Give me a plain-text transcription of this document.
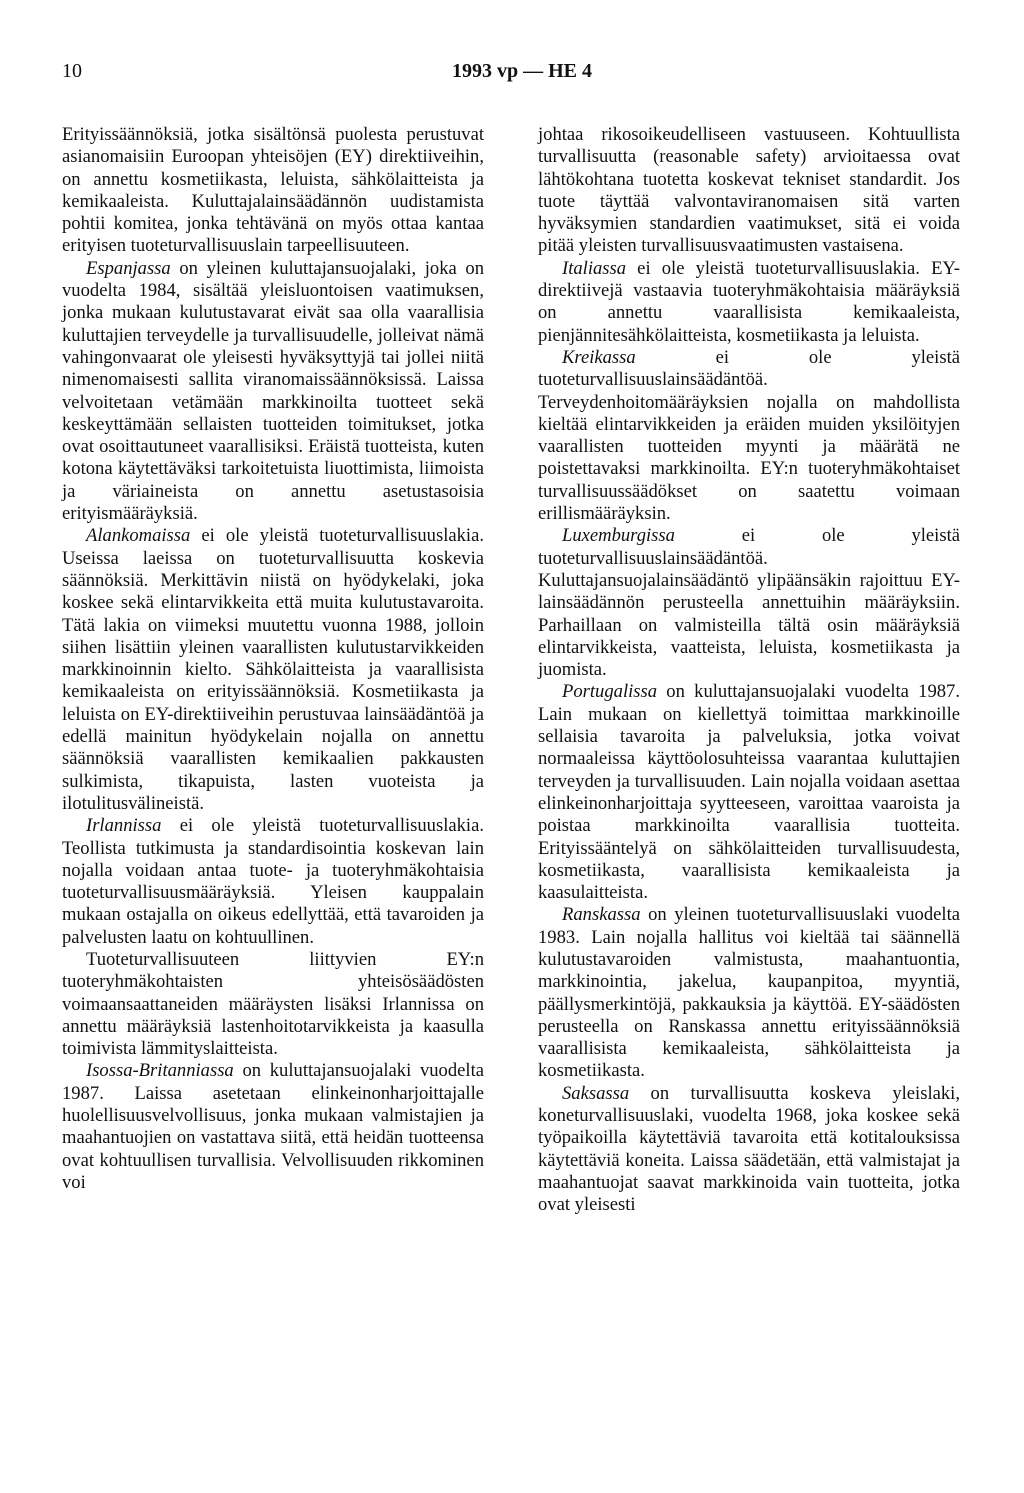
10	1993 vp — HE 4

Erityissäännöksiä, jotka sisältönsä puolesta perustuvat asianomaisiin Euroopan yhteisöjen (EY) direktiiveihin, on annettu kosmetiikasta, leluista, sähkölaitteista ja kemikaaleista. Kuluttajalainsäädännön uudistamista pohtii komitea, jonka tehtävänä on myös ottaa kantaa erityisen tuoteturvallisuuslain tarpeellisuuteen.

Espanjassa on yleinen kuluttajansuojalaki, joka on vuodelta 1984, sisältää yleisluontoisen vaatimuksen, jonka mukaan kulutustavarat eivät saa olla vaarallisia kuluttajien terveydelle ja turvallisuudelle, jolleivat nämä vahingonvaarat ole yleisesti hyväksyttyjä tai jollei niitä nimenomaisesti sallita viranomaissäännöksissä. Laissa velvoitetaan vetämään markkinoilta tuotteet sekä keskeyttämään sellaisten tuotteiden toimitukset, jotka ovat osoittautuneet vaarallisiksi. Eräistä tuotteista, kuten kotona käytettäväksi tarkoitetuista liuottimista, liimoista ja väriaineista on annettu asetustasoisia erityismääräyksiä.

Alankomaissa ei ole yleistä tuoteturvallisuuslakia. Useissa laeissa on tuoteturvallisuutta koskevia säännöksiä. Merkittävin niistä on hyödykelaki, joka koskee sekä elintarvikkeita että muita kulutustavaroita. Tätä lakia on viimeksi muutettu vuonna 1988, jolloin siihen lisättiin yleinen vaarallisten kulutustarvikkeiden markkinoinnin kielto. Sähkölaitteista ja vaarallisista kemikaaleista on erityissäännöksiä. Kosmetiikasta ja leluista on EY-direktiiveihin perustuvaa lainsäädäntöä ja edellä mainitun hyödykelain nojalla on annettu säännöksiä vaarallisten kemikaalien pakkausten sulkimista, tikapuista, lasten vuoteista ja ilotulitusvälineistä.

Irlannissa ei ole yleistä tuoteturvallisuuslakia. Teollista tutkimusta ja standardisointia koskevan lain nojalla voidaan antaa tuote- ja tuoteryhmäkohtaisia tuoteturvallisuusmääräyksiä. Yleisen kauppalain mukaan ostajalla on oikeus edellyttää, että tavaroiden ja palvelusten laatu on kohtuullinen.

Tuoteturvallisuuteen liittyvien EY:n tuoteryhmäkohtaisten yhteisösäädösten voimaansaattaneiden määräysten lisäksi Irlannissa on annettu määräyksiä lastenhoitotarvikkeista ja kaasulla toimivista lämmityslaitteista.

Isossa-Britanniassa on kuluttajansuojalaki vuodelta 1987. Laissa asetetaan elinkeinonharjoittajalle huolellisuusvelvollisuus, jonka mukaan valmistajien ja maahantuojien on vastattava siitä, että heidän tuotteensa ovat kohtuullisen turvallisia. Velvollisuuden rikkominen voi

johtaa rikosoikeudelliseen vastuuseen. Kohtuullista turvallisuutta (reasonable safety) arvioitaessa ovat lähtökohtana tuotetta koskevat tekniset standardit. Jos tuote täyttää valvontaviranomaisen sitä varten hyväksymien standardien vaatimukset, sitä ei voida pitää yleisten turvallisuusvaatimusten vastaisena.

Italiassa ei ole yleistä tuoteturvallisuuslakia. EY-direktiivejä vastaavia tuoteryhmäkohtaisia määräyksiä on annettu vaarallisista kemikaaleista, pienjännitesähkölaitteista, kosmetiikasta ja leluista.

Kreikassa ei ole yleistä tuoteturvallisuuslainsäädäntöä. Terveydenhoitomääräyksien nojalla on mahdollista kieltää elintarvikkeiden ja eräiden muiden yksilöityjen vaarallisten tuotteiden myynti ja määrätä ne poistettavaksi markkinoilta. EY:n tuoteryhmäkohtaiset turvallisuussäädökset on saatettu voimaan erillismääräyksin.

Luxemburgissa ei ole yleistä tuoteturvallisuuslainsäädäntöä. Kuluttajansuojalainsäädäntö ylipäänsäkin rajoittuu EY-lainsäädännön perusteella annettuihin määräyksiin. Parhaillaan on valmisteilla tältä osin määräyksiä elintarvikkeista, vaatteista, leluista, kosmetiikasta ja juomista.

Portugalissa on kuluttajansuojalaki vuodelta 1987. Lain mukaan on kiellettyä toimittaa markkinoille sellaisia tavaroita ja palveluksia, jotka voivat normaaleissa käyttöolosuhteissa vaarantaa kuluttajien terveyden ja turvallisuuden. Lain nojalla voidaan asettaa elinkeinonharjoittaja syytteeseen, varoittaa vaaroista ja poistaa markkinoilta vaarallisia tuotteita. Erityissääntelyä on sähkölaitteiden turvallisuudesta, kosmetiikasta, vaarallisista kemikaaleista ja kaasulaitteista.

Ranskassa on yleinen tuoteturvallisuuslaki vuodelta 1983. Lain nojalla hallitus voi kieltää tai säännellä kulutustavaroiden valmistusta, maahantuontia, markkinointia, jakelua, kaupanpitoa, myyntiä, päällysmerkintöjä, pakkauksia ja käyttöä. EY-säädösten perusteella on Ranskassa annettu erityissäännöksiä vaarallisista kemikaaleista, sähkölaitteista ja kosmetiikasta.

Saksassa on turvallisuutta koskeva yleislaki, koneturvallisuuslaki, vuodelta 1968, joka koskee sekä työpaikoilla käytettäviä tavaroita että kotitalouksissa käytettäviä koneita. Laissa säädetään, että valmistajat ja maahantuojat saavat markkinoida vain tuotteita, jotka ovat yleisesti
